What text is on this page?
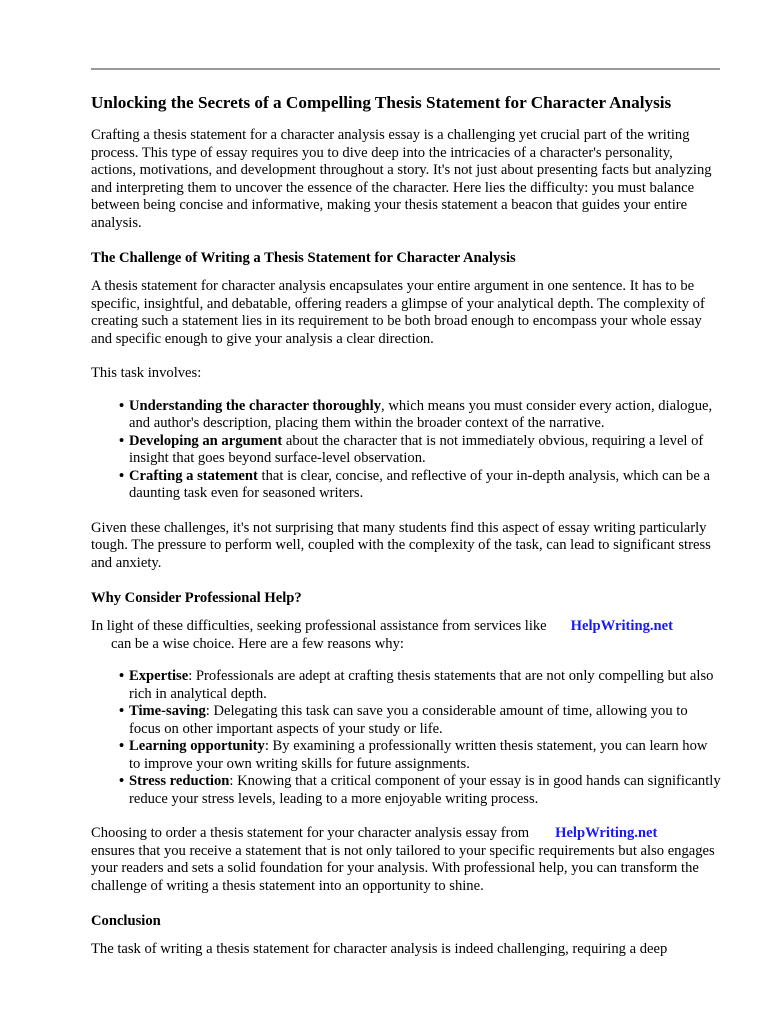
Unlocking the Secrets of a Compelling Thesis Statement for Character Analysis

Crafting a thesis statement for a character analysis essay is a challenging yet crucial part of the writing process. This type of essay requires you to dive deep into the intricacies of a character's personality, actions, motivations, and development throughout a story. It's not just about presenting facts but analyzing and interpreting them to uncover the essence of the character. Here lies the difficulty: you must balance between being concise and informative, making your thesis statement a beacon that guides your entire analysis.

The Challenge of Writing a Thesis Statement for Character Analysis

A thesis statement for character analysis encapsulates your entire argument in one sentence. It has to be specific, insightful, and debatable, offering readers a glimpse of your analytical depth. The complexity of creating such a statement lies in its requirement to be both broad enough to encompass your whole essay and specific enough to give your analysis a clear direction.

This task involves:

• Understanding the character thoroughly, which means you must consider every action, dialogue, and author's description, placing them within the broader context of the narrative.
• Developing an argument about the character that is not immediately obvious, requiring a level of insight that goes beyond surface-level observation.
• Crafting a statement that is clear, concise, and reflective of your in-depth analysis, which can be a daunting task even for seasoned writers.

Given these challenges, it's not surprising that many students find this aspect of essay writing particularly tough. The pressure to perform well, coupled with the complexity of the task, can lead to significant stress and anxiety.

Why Consider Professional Help?

In light of these difficulties, seeking professional assistance from services like HelpWriting.net
can be a wise choice. Here are a few reasons why:

• Expertise: Professionals are adept at crafting thesis statements that are not only compelling but also rich in analytical depth.
• Time-saving: Delegating this task can save you a considerable amount of time, allowing you to focus on other important aspects of your study or life.
• Learning opportunity: By examining a professionally written thesis statement, you can learn how to improve your own writing skills for future assignments.
• Stress reduction: Knowing that a critical component of your essay is in good hands can significantly reduce your stress levels, leading to a more enjoyable writing process.

Choosing to order a thesis statement for your character analysis essay from HelpWriting.net
ensures that you receive a statement that is not only tailored to your specific requirements but also engages your readers and sets a solid foundation for your analysis. With professional help, you can transform the challenge of writing a thesis statement into an opportunity to shine.

Conclusion

The task of writing a thesis statement for character analysis is indeed challenging, requiring a deep
